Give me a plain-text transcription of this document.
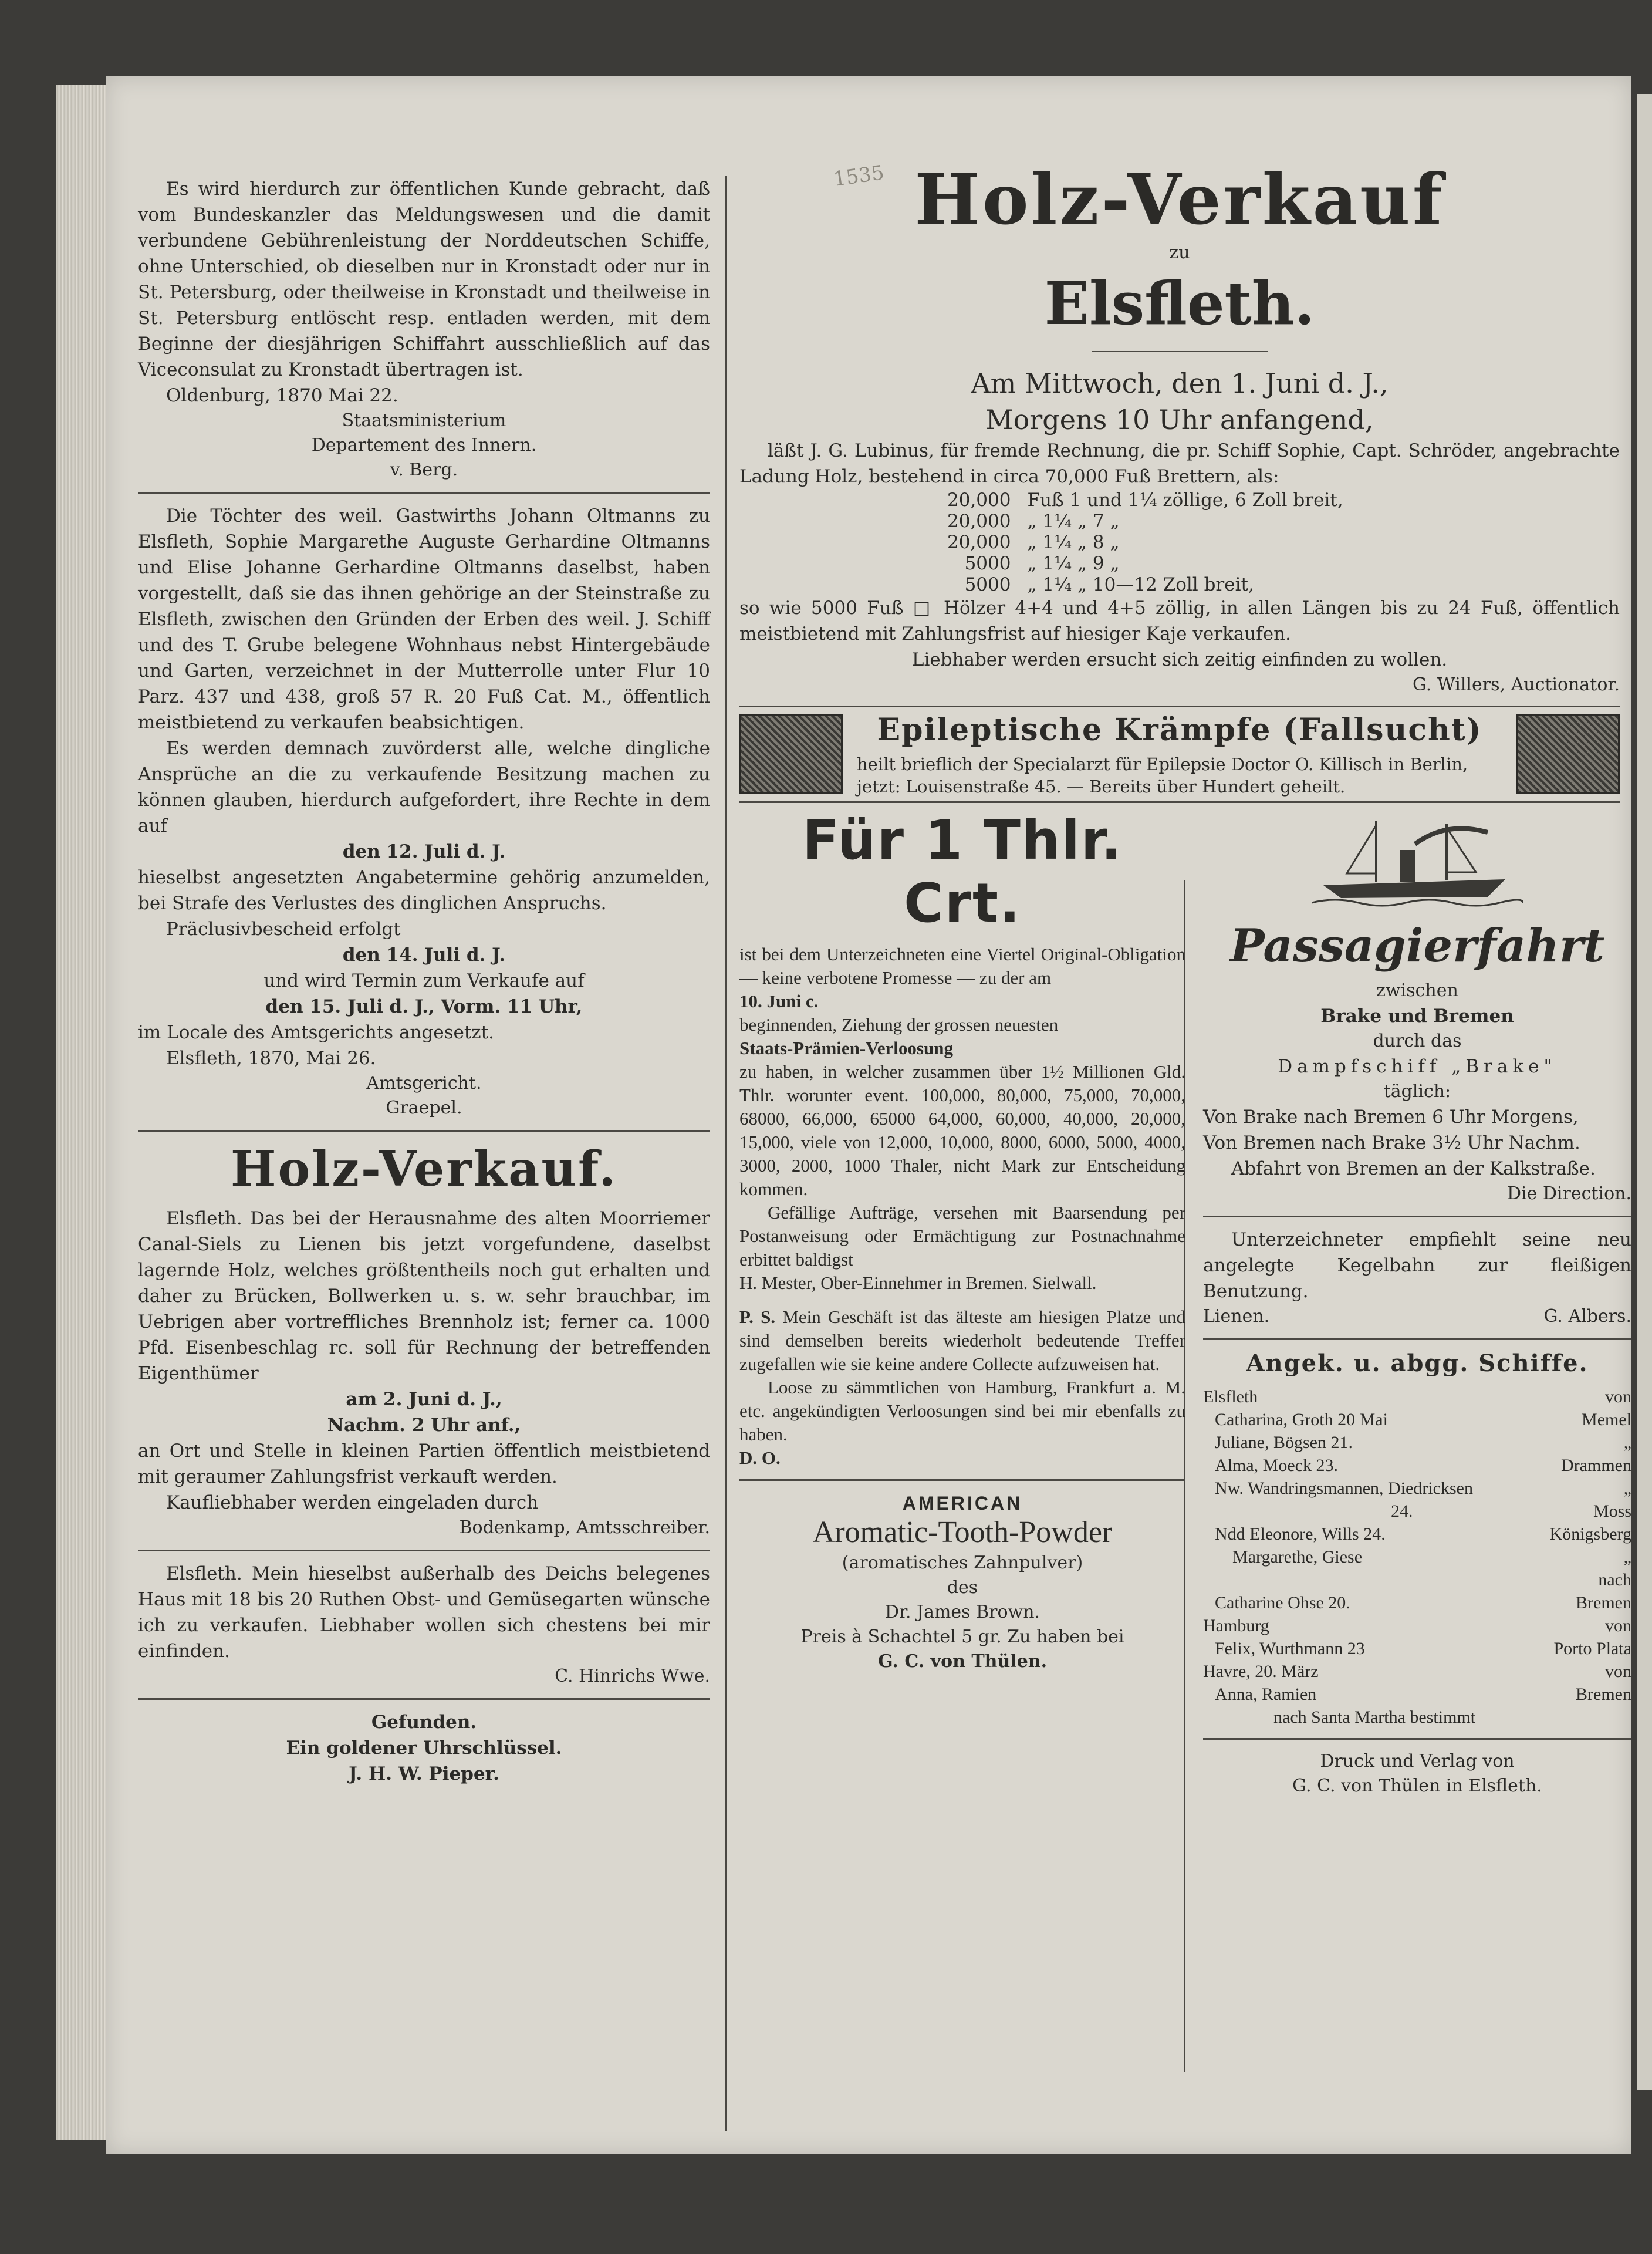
1535

Es wird hierdurch zur öffentlichen Kunde gebracht, daß vom Bundeskanzler das Meldungswesen und die damit verbundene Gebührenleistung der Norddeutschen Schiffe, ohne Unterschied, ob dieselben nur in Kronstadt oder nur in St. Petersburg, oder theilweise in Kronstadt und theilweise in St. Petersburg entlöscht resp. entladen werden, mit dem Beginne der diesjährigen Schiffahrt ausschließlich auf das Viceconsulat zu Kronstadt übertragen ist.

Oldenburg, 1870 Mai 22.

Staatsministerium

Departement des Innern.

v. Berg.

Die Töchter des weil. Gastwirths Johann Oltmanns zu Elsfleth, Sophie Margarethe Auguste Gerhardine Oltmanns und Elise Johanne Gerhardine Oltmanns daselbst, haben vorgestellt, daß sie das ihnen gehörige an der Steinstraße zu Elsfleth, zwischen den Gründen der Erben des weil. J. Schiff und des T. Grube belegene Wohnhaus nebst Hintergebäude und Garten, verzeichnet in der Mutterrolle unter Flur 10 Parz. 437 und 438, groß 57 R. 20 Fuß Cat. M., öffentlich meistbietend zu verkaufen beabsichtigen.

Es werden demnach zuvörderst alle, welche dingliche Ansprüche an die zu verkaufende Besitzung machen zu können glauben, hierdurch aufgefordert, ihre Rechte in dem auf

den 12. Juli d. J.

hieselbst angesetzten Angabetermine gehörig anzumelden, bei Strafe des Verlustes des dinglichen Anspruchs.

Präclusivbescheid erfolgt

den 14. Juli d. J.

und wird Termin zum Verkaufe auf

den 15. Juli d. J., Vorm. 11 Uhr,

im Locale des Amtsgerichts angesetzt.

Elsfleth, 1870, Mai 26.

Amtsgericht.

Graepel.

Holz-Verkauf.

Elsfleth. Das bei der Herausnahme des alten Moorriemer Canal-Siels zu Lienen bis jetzt vorgefundene, daselbst lagernde Holz, welches größtentheils noch gut erhalten und daher zu Brücken, Bollwerken u. s. w. sehr brauchbar, im Uebrigen aber vortreffliches Brennholz ist; ferner ca. 1000 Pfd. Eisenbeschlag rc. soll für Rechnung der betreffenden Eigenthümer

am 2. Juni d. J.,

Nachm. 2 Uhr anf.,

an Ort und Stelle in kleinen Partien öffentlich meistbietend mit geraumer Zahlungsfrist verkauft werden.

Kaufliebhaber werden eingeladen durch

Bodenkamp, Amtsschreiber.

Elsfleth. Mein hieselbst außerhalb des Deichs belegenes Haus mit 18 bis 20 Ruthen Obst- und Gemüsegarten wünsche ich zu verkaufen. Liebhaber wollen sich chestens bei mir einfinden.

C. Hinrichs Wwe.

Gefunden.

Ein goldener Uhrschlüssel.

J. H. W. Pieper.

Holz-Verkauf

zu

Elsfleth.

Am Mittwoch, den 1. Juni d. J.,

Morgens 10 Uhr anfangend,

läßt J. G. Lubinus, für fremde Rechnung, die pr. Schiff Sophie, Capt. Schröder, angebrachte Ladung Holz, bestehend in circa 70,000 Fuß Brettern, als:

20,000	Fuß 1 und 1¼ zöllige, 6 Zoll breit,
20,000	„ 1¼ „ 7 „
20,000	„ 1¼ „ 8 „
5000	„ 1¼ „ 9 „
5000	„ 1¼ „ 10—12 Zoll breit,

so wie 5000 Fuß □ Hölzer 4+4 und 4+5 zöllig, in allen Längen bis zu 24 Fuß, öffentlich meistbietend mit Zahlungsfrist auf hiesiger Kaje verkaufen.

Liebhaber werden ersucht sich zeitig einfinden zu wollen.

G. Willers, Auctionator.

Epileptische Krämpfe (Fallsucht)

heilt brieflich der Specialarzt für Epilepsie Doctor O. Killisch in Berlin, jetzt: Louisenstraße 45. — Bereits über Hundert geheilt.

Für 1 Thlr. Crt.

ist bei dem Unterzeichneten eine Viertel Original-Obligation — keine verbotene Promesse — zu der am

10. Juni c.

beginnenden, Ziehung der grossen neuesten

Staats-Prämien-Verloosung

zu haben, in welcher zusammen über 1½ Millionen Gld. Thlr. worunter event. 100,000, 80,000, 75,000, 70,000, 68000, 66,000, 65000 64,000, 60,000, 40,000, 20,000, 15,000, viele von 12,000, 10,000, 8000, 6000, 5000, 4000, 3000, 2000, 1000 Thaler, nicht Mark zur Entscheidung kommen.

Gefällige Aufträge, versehen mit Baarsendung per Postanweisung oder Ermächtigung zur Postnachnahme erbittet baldigst

H. Mester, Ober-Einnehmer in Bremen. Sielwall.

P. S. Mein Geschäft ist das älteste am hiesigen Platze und sind demselben bereits wiederholt bedeutende Treffer zugefallen wie sie keine andere Collecte aufzuweisen hat.

Loose zu sämmtlichen von Hamburg, Frankfurt a. M. etc. angekündigten Verloosungen sind bei mir ebenfalls zu haben.

D. O.

AMERICAN

Aromatic-Tooth-Powder

(aromatisches Zahnpulver)

des

Dr. James Brown.

Preis à Schachtel 5 gr. Zu haben bei

G. C. von Thülen.

Passagierfahrt

zwischen

Brake und Bremen

durch das

Dampfschiff „Brake"

täglich:

Von Brake nach Bremen 6 Uhr Morgens,

Von Bremen nach Brake 3½ Uhr Nachm.

Abfahrt von Bremen an der Kalkstraße.

Die Direction.

Unterzeichneter empfiehlt seine neu angelegte Kegelbahn zur fleißigen Benutzung.

Lienen.	G. Albers.

Angek. u. abgg. Schiffe.

Elsfleth	von
Catharina, Groth 20 Mai	Memel
Juliane, Bögsen 21.	„
Alma, Moeck 23.	Drammen
Nw. Wandringsmannen, Diedricksen	„
24.	Moss
Ndd Eleonore, Wills 24.	Königsberg
Margarethe, Giese	„
nach
Catharine Ohse 20.	Bremen
Hamburg	von
Felix, Wurthmann 23	Porto Plata
Havre, 20. März	von
Anna, Ramien	Bremen
nach Santa Martha bestimmt

Druck und Verlag von

G. C. von Thülen in Elsfleth.
